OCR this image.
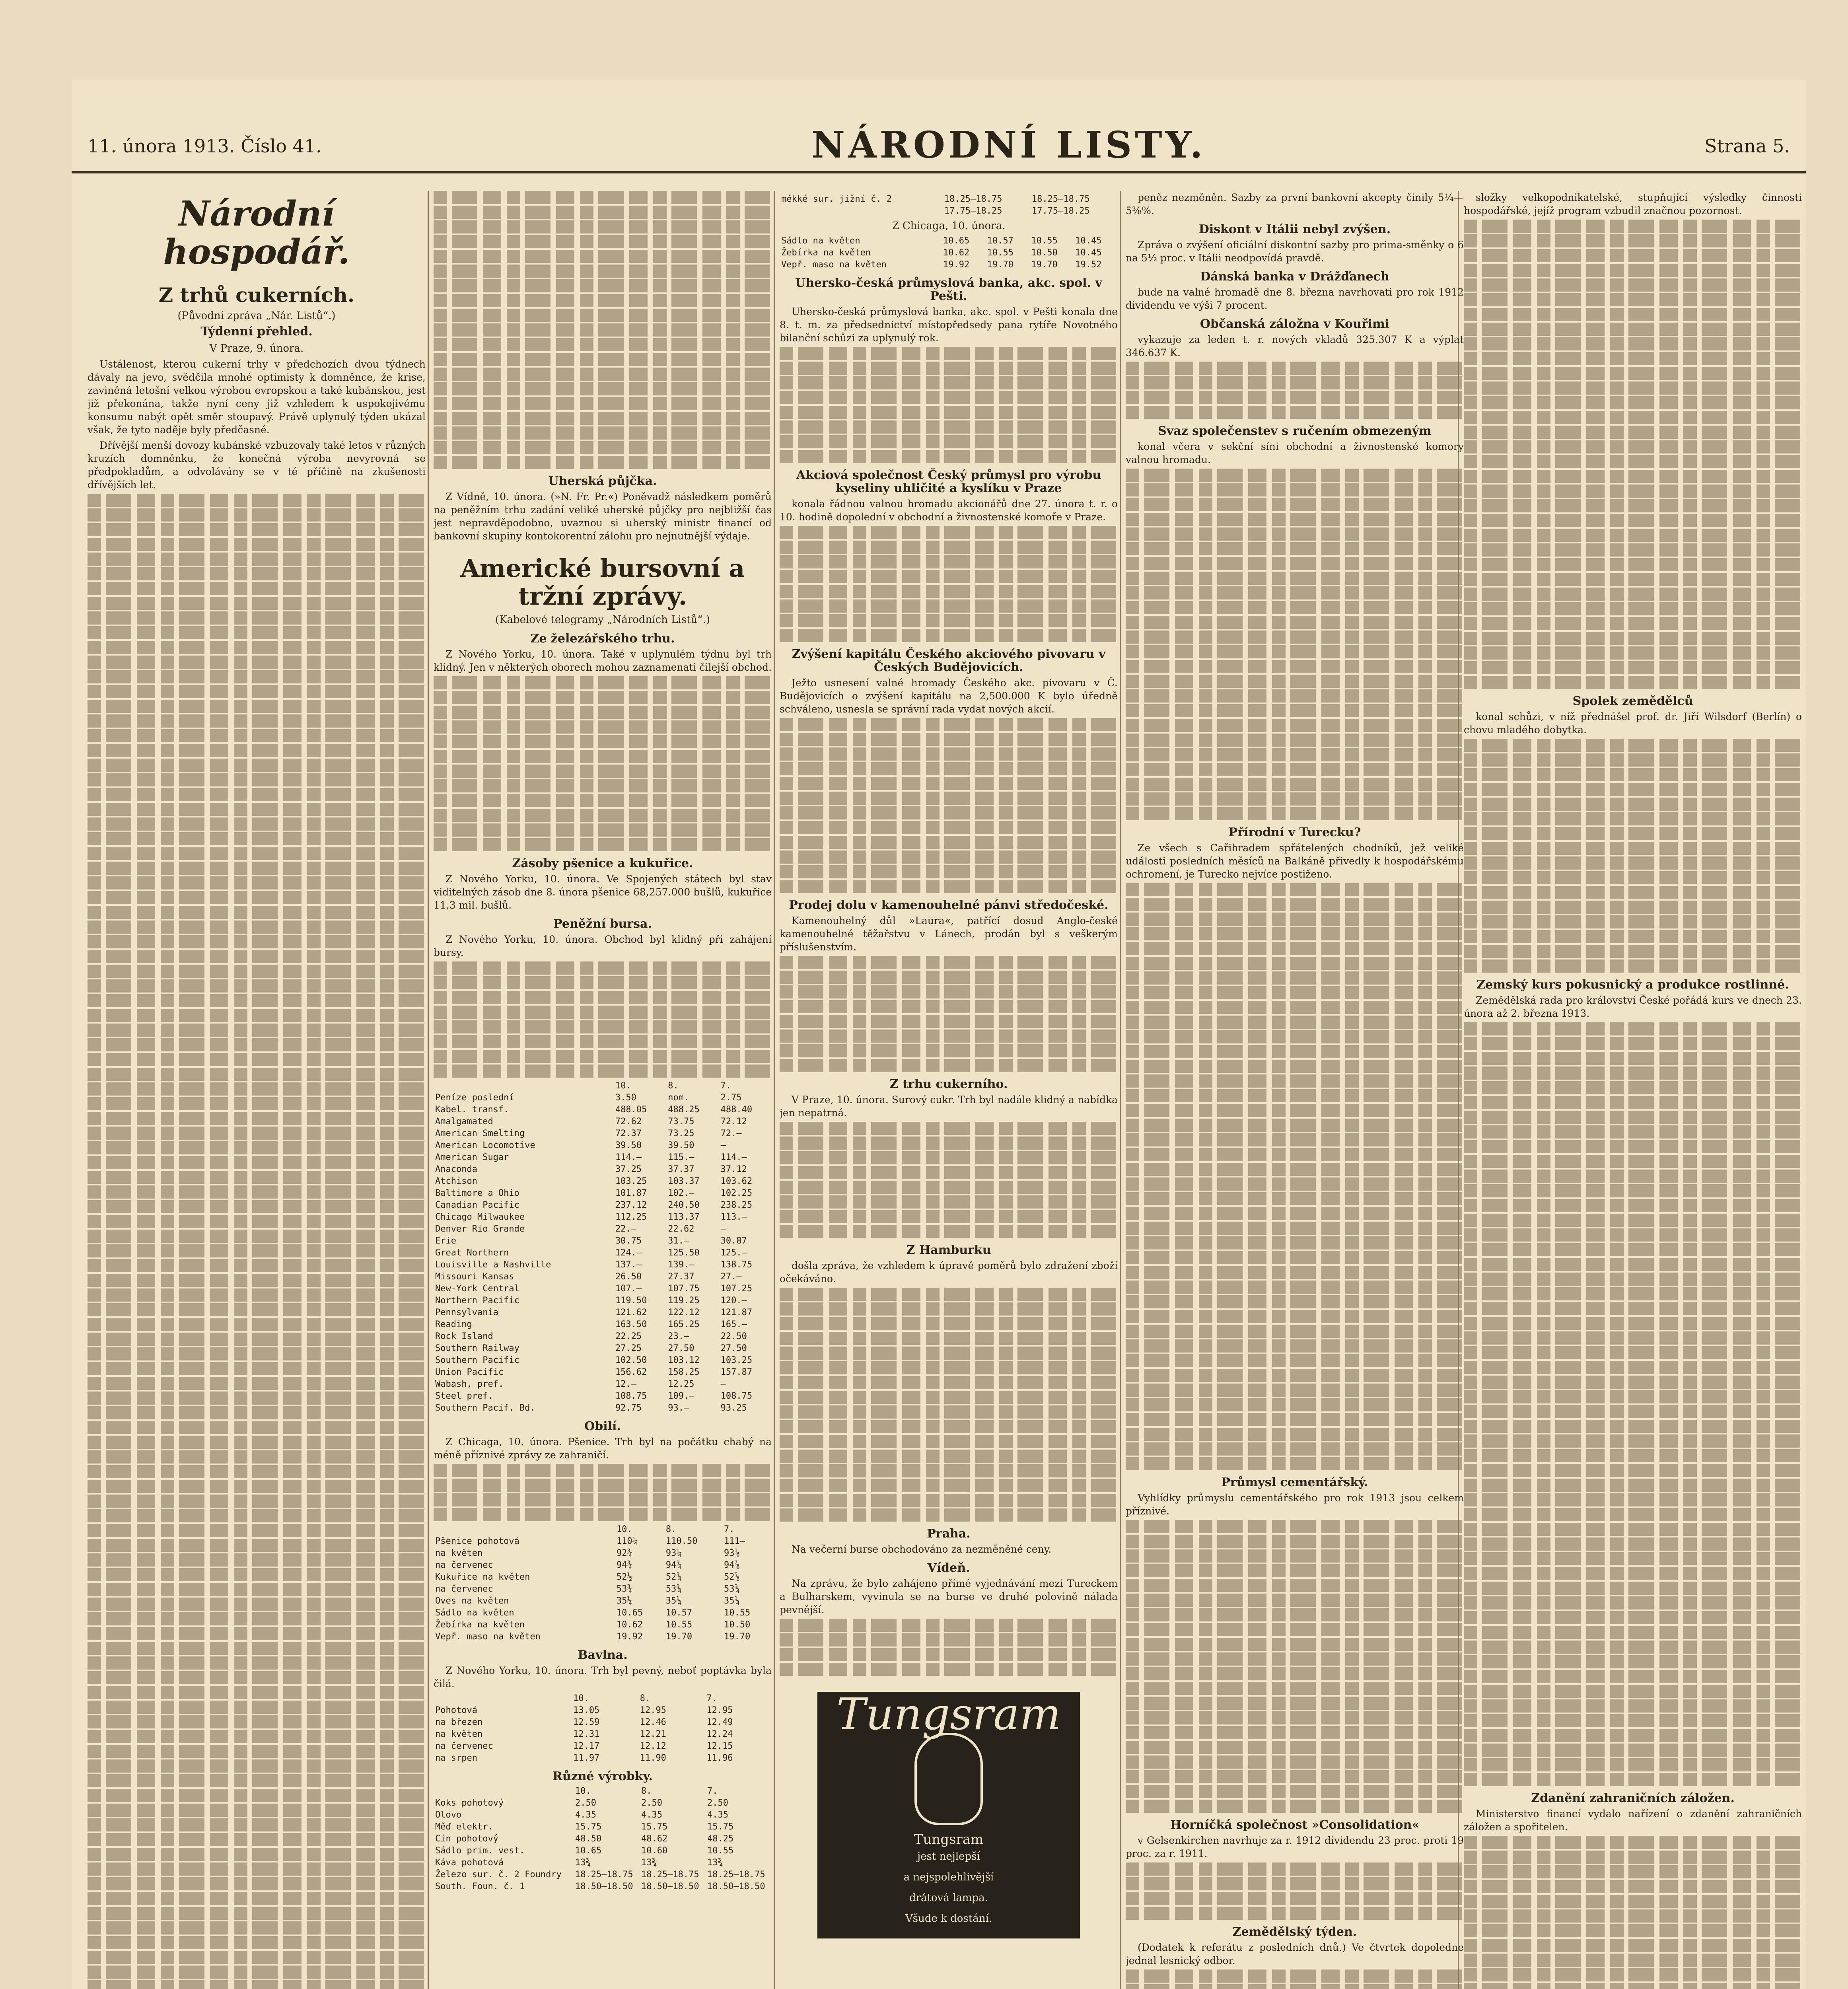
11. února 1913. Číslo 41.	NÁRODNÍ LISTY.	Strana 5.
Národní hospodář.
Z trhů cukerních.
(Původní zpráva „Nár. Listů“.)
Týdenní přehled.
V Praze, 9. února.

Ustálenost, kterou cukerní trhy v předchozích dvou týdnech dávaly na jevo, svědčila mnohé optimisty k domněnce, že krise, zaviněná letošní velkou výrobou evropskou a také kubánskou, jest již překonána, takže nyní ceny již vzhledem k uspokojivému konsumu nabýt opět směr stoupavý. Právě uplynulý týden ukázal však, že tyto naděje byly předčasné.

Dřívější menší dovozy kubánské vzbuzovaly také letos v různých kruzích domněnku, že konečná výroba nevyrovná se předpokladům, a odvolávány se v té příčině na zkušenosti dřívějších let.

				Uherská půjčka.

Z Vídně, 10. února. (»N. Fr. Pr.«) Poněvadž následkem poměrů na peněžním trhu zadání veliké uherské půjčky pro nejbližší čas jest nepravděpodobno, uvaznou si uherský ministr financí od bankovní skupiny kontokorentní zálohu pro nejnutnější výdaje.

Americké bursovní a tržní zprávy.
(Kabelové telegramy „Národních Listů“.)
Ze železářského trhu.

Z Nového Yorku, 10. února. Také v uplynulém týdnu byl trh klidný. Jen v některých oborech mohou zaznamenati čilejší obchod.

Zásoby pšenice a kukuřice.

Z Nového Yorku, 10. února. Ve Spojených státech byl stav viditelných zásob dne 8. února pšenice 68,257.000 bušlů, kukuřice 11,3 mil. bušlů.

Peněžní bursa.

Z Nového Yorku, 10. února. Obchod byl klidný při zahájení bursy.

	10.	8.	7.
Peníze poslední	3.50	nom.	2.75
Kabel. transf.	488.05	488.25	488.40
Amalgamated	72.62	73.75	72.12
American Smelting	72.37	73.25	72.—
American Locomotive	39.50	39.50	—
American Sugar	114.—	115.—	114.—
Anaconda	37.25	37.37	37.12
Atchison	103.25	103.37	103.62
Baltimore a Ohio	101.87	102.—	102.25
Canadian Pacific	237.12	240.50	238.25
Chicago Milwaukee	112.25	113.37	113.—
Denver Rio Grande	22.—	22.62	—
Erie	30.75	31.—	30.87
Great Northern	124.—	125.50	125.—
Louisville a Nashville	137.—	139.—	138.75
Missouri Kansas	26.50	27.37	27.—
New-York Central	107.—	107.75	107.25
Northern Pacific	119.50	119.25	120.—
Pennsylvania	121.62	122.12	121.87
Reading	163.50	165.25	165.—
Rock Island	22.25	23.—	22.50
Southern Railway	27.25	27.50	27.50
Southern Pacific	102.50	103.12	103.25
Union Pacific	156.62	158.25	157.87
Wabash, pref.	12.—	12.25	—
Steel pref.	108.75	109.—	108.75
Southern Pacif. Bd.	92.75	93.—	93.25
Obilí.

Z Chicaga, 10. února. Pšenice. Trh byl na počátku chabý na méně příznivé zprávy ze zahraničí.

	10.	8.	7.
Pšenice pohotová	110¼	110.50	111—
na květen	92¾	93¼	93⅛
na červenec	94¾	94¾	94⅞
Kukuřice na květen	52½	52¾	52⅝
na červenec	53¾	53¾	53¾
Oves na květen	35¼	35¼	35¼
Sádlo na květen	10.65	10.57	10.55
Žebírka na květen	10.62	10.55	10.50
Vepř. maso na květen	19.92	19.70	19.70
Bavlna.

Z Nového Yorku, 10. února. Trh byl pevný, neboť poptávka byla čilá.

	10.	8.	7.
Pohotová	13.05	12.95	12.95
na březen	12.59	12.46	12.49
na květen	12.31	12.21	12.24
na červenec	12.17	12.12	12.15
na srpen	11.97	11.90	11.96
Různé výrobky.
	10.	8.	7.
Koks pohotový	2.50	2.50	2.50
Olovo	4.35	4.35	4.35
Měď elektr.	15.75	15.75	15.75
Cín pohotový	48.50	48.62	48.25
Sádlo prim. vest.	10.65	10.60	10.55
Káva pohotová	13¾	13¾	13¾
Železo sur. č. 2 Foundry	18.25—18.75	18.25—18.75	18.25—18.75
South. Foun. č. 1	18.50—18.50	18.50—18.50	18.50—18.50
mékké sur. jižní č. 2	18.25—18.75	18.25—18.75
	17.75—18.25	17.75—18.25
Z Chicaga, 10. února.
Sádlo na květen	10.65	10.57	10.55	10.45
Žebírka na květen	10.62	10.55	10.50	10.45
Vepř. maso na květen	19.92	19.70	19.70	19.52
Uhersko-česká průmyslová banka, akc. spol. v Pešti.

Uhersko-česká průmyslová banka, akc. spol. v Pešti konala dne 8. t. m. za předsednictví místopředsedy pana rytíře Novotného bilanční schůzi za uplynulý rok.

Akciová společnost Český průmysl pro výrobu kyseliny uhličité a kyslíku v Praze

konala řádnou valnou hromadu akcionářů dne 27. února t. r. o 10. hodině dopolední v obchodní a živnostenské komoře v Praze.

Zvýšení kapitálu Českého akciového pivovaru v Českých Budějovicích.

Ježto usnesení valné hromady Českého akc. pivovaru v Č. Budějovicích o zvýšení kapitálu na 2,500.000 K bylo úředně schváleno, usnesla se správní rada vydat nových akcií.

Prodej dolu v kamenouhelné pánvi středočeské.

Kamenouhelný důl »Laura«, patřící dosud Anglo-české kamenouhelné těžařstvu v Lánech, prodán byl s veškerým příslušenstvím.

Z trhu cukerního.

V Praze, 10. února. Surový cukr. Trh byl nadále klidný a nabídka jen nepatrná.

Z Hamburku

došla zpráva, že vzhledem k úpravě poměrů bylo zdražení zboží očekáváno.

Praha.

Na večerní burse obchodováno za nezměněné ceny.

Vídeň.

Na zprávu, že bylo zahájeno přímé vyjednávání mezi Tureckem a Bulharskem, vyvinula se na burse ve druhé polovině nálada pevnější.

Tungsram
Tungsram
jest nejlepší
a nejspolehlivější
drátová lampa.
Všude k dostání.

peněz nezměněn. Sazby za první bankovní akcepty činily 5¼—5⅜%.

Diskont v Itálii nebyl zvýšen.

Zpráva o zvýšení oficiální diskontní sazby pro prima-směnky o 6 na 5½ proc. v Itálii neodpovídá pravdě.

Dánská banka v Drážďanech

bude na valné hromadě dne 8. března navrhovati pro rok 1912 dividendu ve výši 7 procent.

Občanská záložna v Kouřimi

vykazuje za leden t. r. nových vkladů 325.307 K a výplat 346.637 K.

Svaz společenstev s ručením obmezeným

konal včera v sekční síni obchodní a živnostenské komory valnou hromadu.

Přírodní v Turecku?

Ze všech s Cařihradem spřátelených chodníků, jež veliké události posledních měsíců na Balkáně přivedly k hospodářskému ochromení, je Turecko nejvíce postiženo.

Průmysl cementářský.

Vyhlídky průmyslu cementářského pro rok 1913 jsou celkem příznivé.

Horníčká společnost »Consolidation«

v Gelsenkirchen navrhuje za r. 1912 dividendu 23 proc. proti 19 proc. za r. 1911.

Zemědělský týden.

(Dodatek k referátu z posledních dnů.) Ve čtvrtek dopoledne jednal lesnický odbor.

složky velkopodnikatelské, stupňující výsledky činnosti hospodářské, jejíž program vzbudil značnou pozornost.

Spolek zemědělců

konal schůzi, v níž přednášel prof. dr. Jiří Wilsdorf (Berlín) o chovu mladého dobytka.

Zemský kurs pokusnický a produkce rostlinné.

Zemědělská rada pro království České pořádá kurs ve dnech 23. února až 2. března 1913.

Zdanění zahraničních záložen.

Ministerstvo financí vydalo nařízení o zdanění zahraničních záložen a spořitelen.
